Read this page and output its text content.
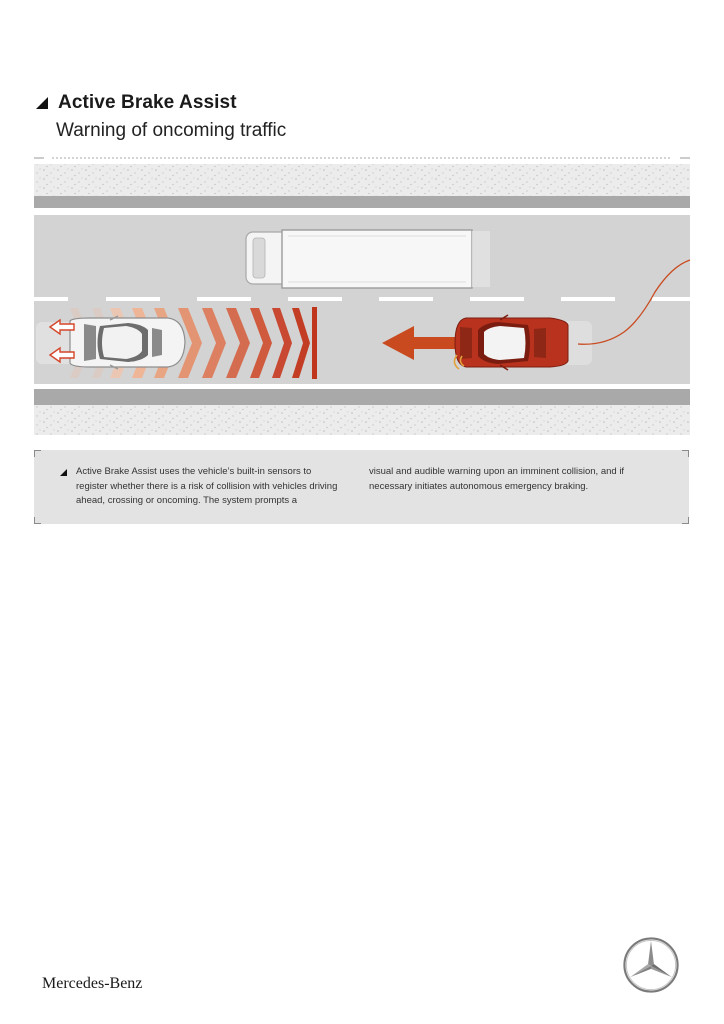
Active Brake Assist
Warning of oncoming traffic
Active Brake Assist uses the vehicle’s built-in sensors to register whether there is a risk of collision with vehicles driving ahead, crossing or oncoming. The system prompts a
visual and audible warning upon an imminent collision, and if necessary initiates autonomous emergency braking.
Mercedes-Benz
